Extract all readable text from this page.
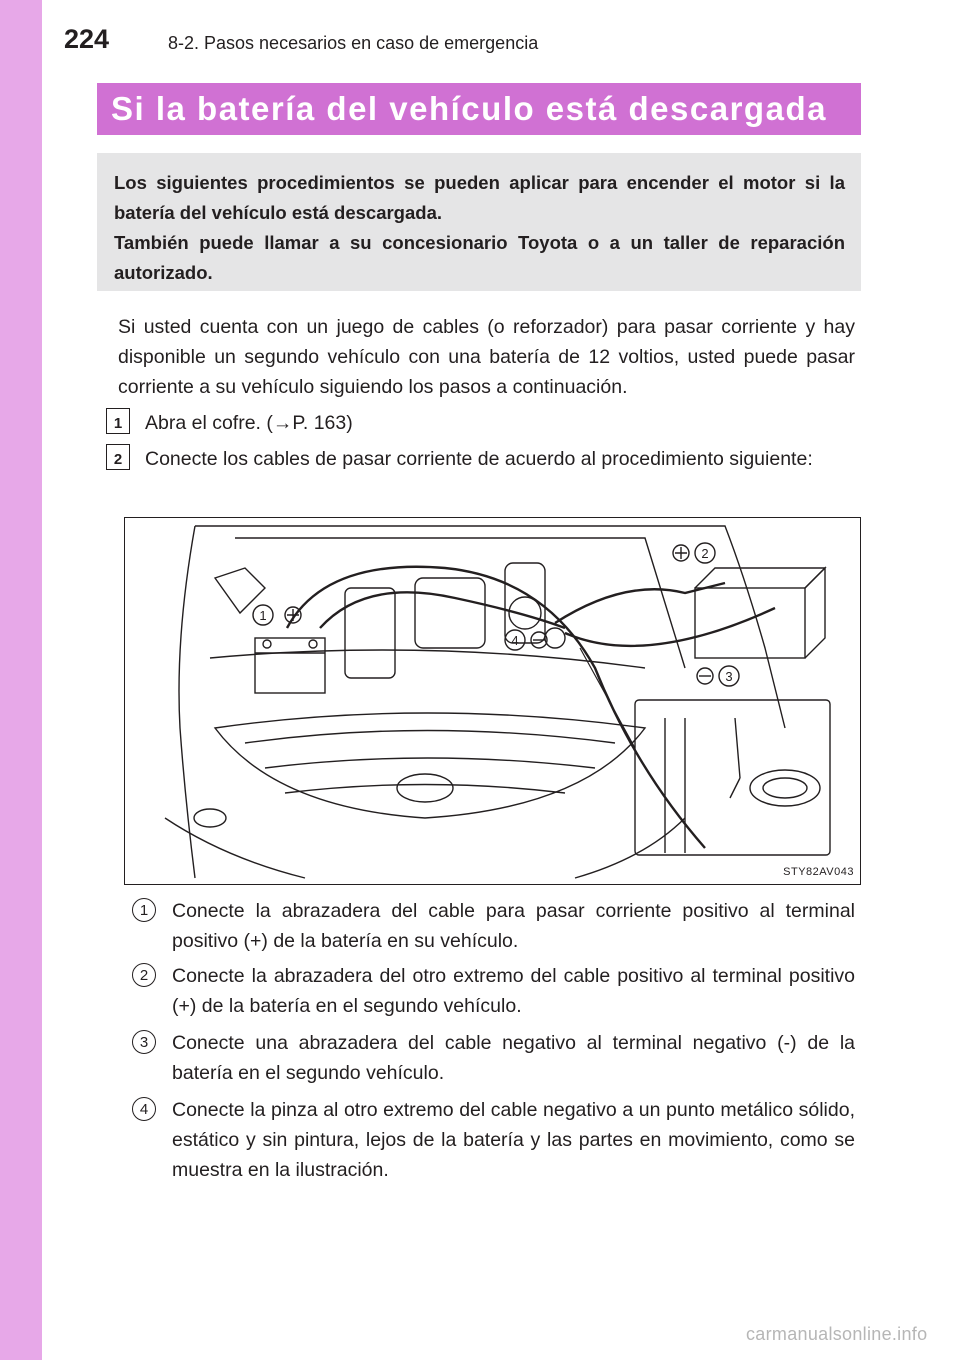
224	8-2. Pasos necesarios en caso de emergencia
Si la batería del vehículo está descargada

Los siguientes procedimientos se pueden aplicar para encender el motor si la batería del vehículo está descargada.

También puede llamar a su concesionario Toyota o a un taller de reparación autorizado.

Si usted cuenta con un juego de cables (o reforzador) para pasar corriente y hay disponible un segundo vehículo con una batería de 12 voltios, usted puede pasar corriente a su vehículo siguiendo los pasos a continuación.

1	Abra el cofre. (→P. 163)

2	Conecte los cables de pasar corriente de acuerdo al procedimiento siguiente:

1
2
3
4
STY82AV043
1	Conecte la abrazadera del cable para pasar corriente positivo al terminal positivo (+) de la batería en su vehículo.

2	Conecte la abrazadera del otro extremo del cable positivo al terminal positivo (+) de la batería en el segundo vehículo.

3	Conecte una abrazadera del cable negativo al terminal negativo (-) de la batería en el segundo vehículo.

4	Conecte la pinza al otro extremo del cable negativo a un punto metálico sólido, estático y sin pintura, lejos de la batería y las partes en movimiento, como se muestra en la ilustración.

carmanualsonline.info
